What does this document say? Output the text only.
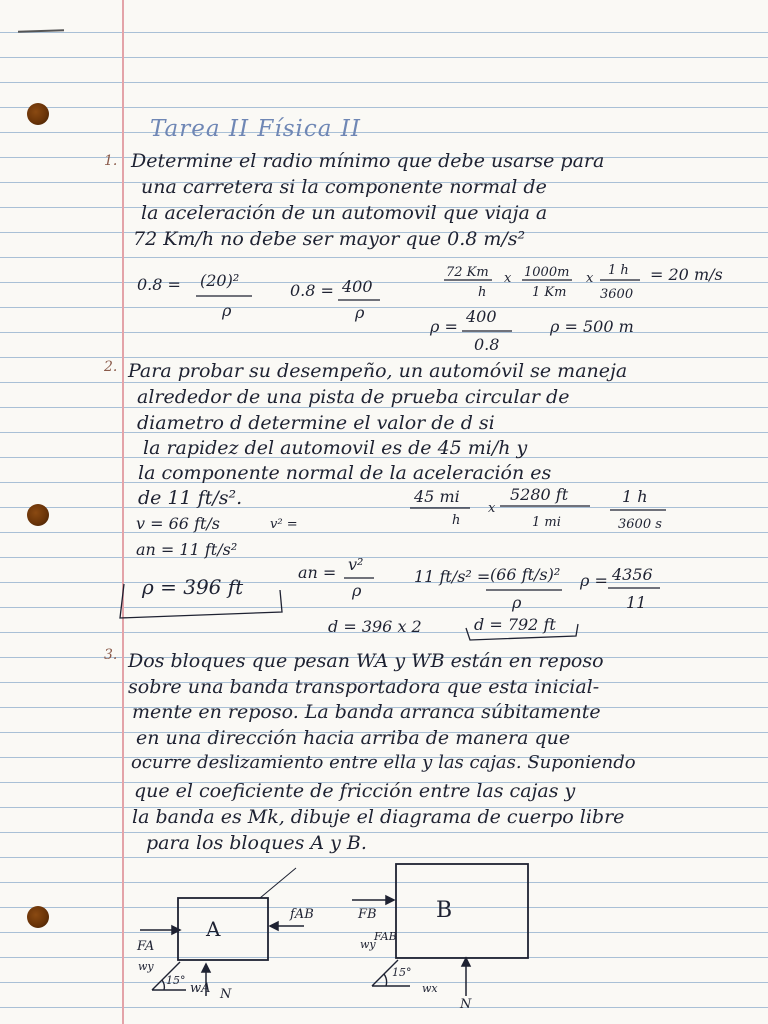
Tarea II Física II
1. Determine el radio mínimo que debe usarse para
una carretera si la componente normal de
la aceleración de un automovil que viaja a
72 Km/h no debe ser mayor que 0.8 m/s²
0.8 = (20)²
ρ
0.8 = 400
ρ
72 Km
h
x 1000m
1 Km
x
1 h
3600
= 20 m/s
ρ =
400
0.8
ρ = 500 m
2. Para probar su desempeño, un automóvil se maneja
alrededor de una pista de prueba circular de
diametro d determine el valor de d si
la rapidez del automovil es de 45 mi/h y
la componente normal de la aceleración es
de 11 ft/s².
v = 66 ft/s	v² =
an = 11 ft/s²
ρ = 396 ft
45 mi
h
x
5280 ft
1 mi
1 h
3600 s
an = v²
ρ
11 ft/s² = (66 ft/s)²
ρ
ρ = 4356
11
d = 396 x 2	d = 792 ft
3. Dos bloques que pesan WA y WB están en reposo
sobre una banda transportadora que esta inicial-
mente en reposo. La banda arranca súbitamente
en una dirección hacia arriba de manera que
ocurre deslizamiento entre ella y las cajas. Suponiendo
que el coeficiente de fricción entre las cajas y
la banda es Mk, dibuje el diagrama de cuerpo libre
para los bloques A y B.
A
B
fAB
FA
wy
15°
wA N
FB
wy
FAB
15°
wx
N
